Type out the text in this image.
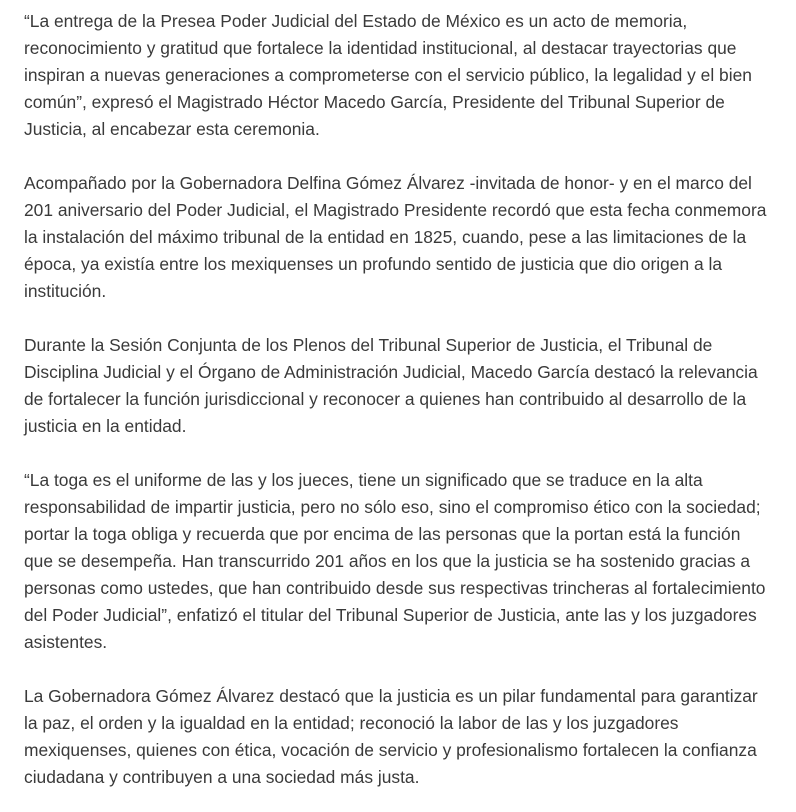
“La entrega de la Presea Poder Judicial del Estado de México es un acto de memoria, reconocimiento y gratitud que fortalece la identidad institucional, al destacar trayectorias que inspiran a nuevas generaciones a comprometerse con el servicio público, la legalidad y el bien común”, expresó el Magistrado Héctor Macedo García, Presidente del Tribunal Superior de Justicia, al encabezar esta ceremonia.

Acompañado por la Gobernadora Delfina Gómez Álvarez -invitada de honor- y en el marco del 201 aniversario del Poder Judicial, el Magistrado Presidente recordó que esta fecha conmemora la instalación del máximo tribunal de la entidad en 1825, cuando, pese a las limitaciones de la época, ya existía entre los mexiquenses un profundo sentido de justicia que dio origen a la institución.

Durante la Sesión Conjunta de los Plenos del Tribunal Superior de Justicia, el Tribunal de Disciplina Judicial y el Órgano de Administración Judicial, Macedo García destacó la relevancia de fortalecer la función jurisdiccional y reconocer a quienes han contribuido al desarrollo de la justicia en la entidad.

“La toga es el uniforme de las y los jueces, tiene un significado que se traduce en la alta responsabilidad de impartir justicia, pero no sólo eso, sino el compromiso ético con la sociedad; portar la toga obliga y recuerda que por encima de las personas que la portan está la función que se desempeña. Han transcurrido 201 años en los que la justicia se ha sostenido gracias a personas como ustedes, que han contribuido desde sus respectivas trincheras al fortalecimiento del Poder Judicial”, enfatizó el titular del Tribunal Superior de Justicia, ante las y los juzgadores asistentes.

La Gobernadora Gómez Álvarez destacó que la justicia es un pilar fundamental para garantizar la paz, el orden y la igualdad en la entidad; reconoció la labor de las y los juzgadores mexiquenses, quienes con ética, vocación de servicio y profesionalismo fortalecen la confianza ciudadana y contribuyen a una sociedad más justa.
